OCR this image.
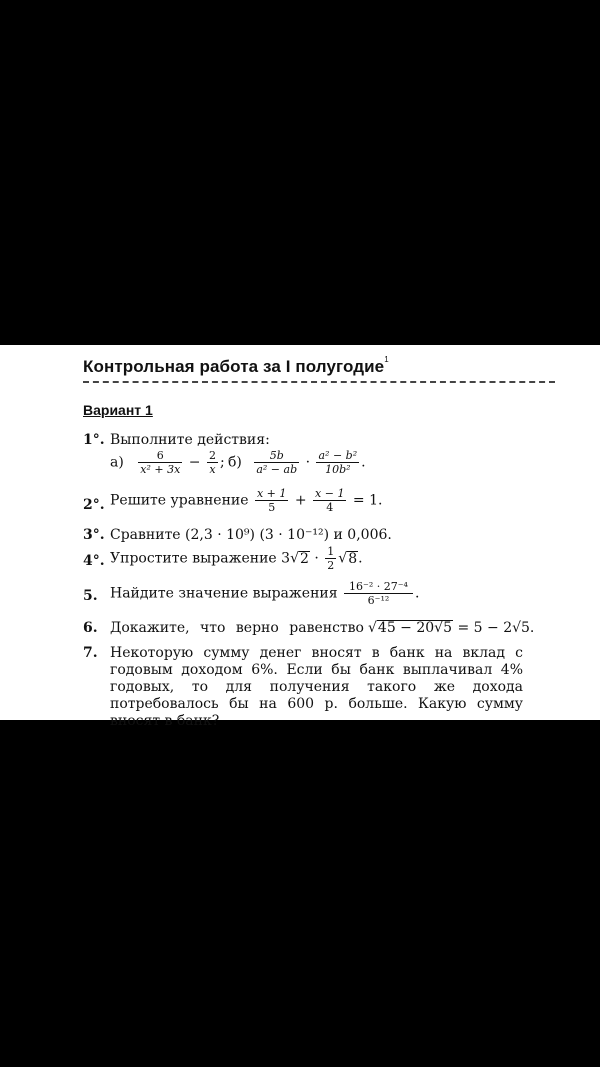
Контрольная работа за I полугодие$^1$
Вариант 1
1°. Выполните действия:
$а) \frac{6}{\text{x² + 3x}} - \frac{2}{x}$ ; $б) \frac{5b}{\text{a² − ab}} \cdot \frac{\text{a² − b²}}{\text{10b²}}$ .
2°. Решите уравнение $\frac{x + 1}{5} + \frac{x - 1}{4} = 1$.
3°. Сравните (2,3 · 10⁹) (3 · 10⁻¹²) и 0,006.
4°. Упростите выражение $3√2 \cdot \frac{1}{2} √8$.
5. Найдите значение выражения $\frac{\text{16⁻² · 27⁻⁴}}{\text{6⁻¹²}}$ .
6. Докажите, что верно равенство √45 − 20√5 = 5 − 2√5.
7. Некоторую сумму денег вносят в банк на вклад с годовым доходом 6%. Если бы банк выплачивал 4% годовых, то для получения такого же дохода потребовалось бы на 600 р. больше. Какую сумму вносят в банк?
